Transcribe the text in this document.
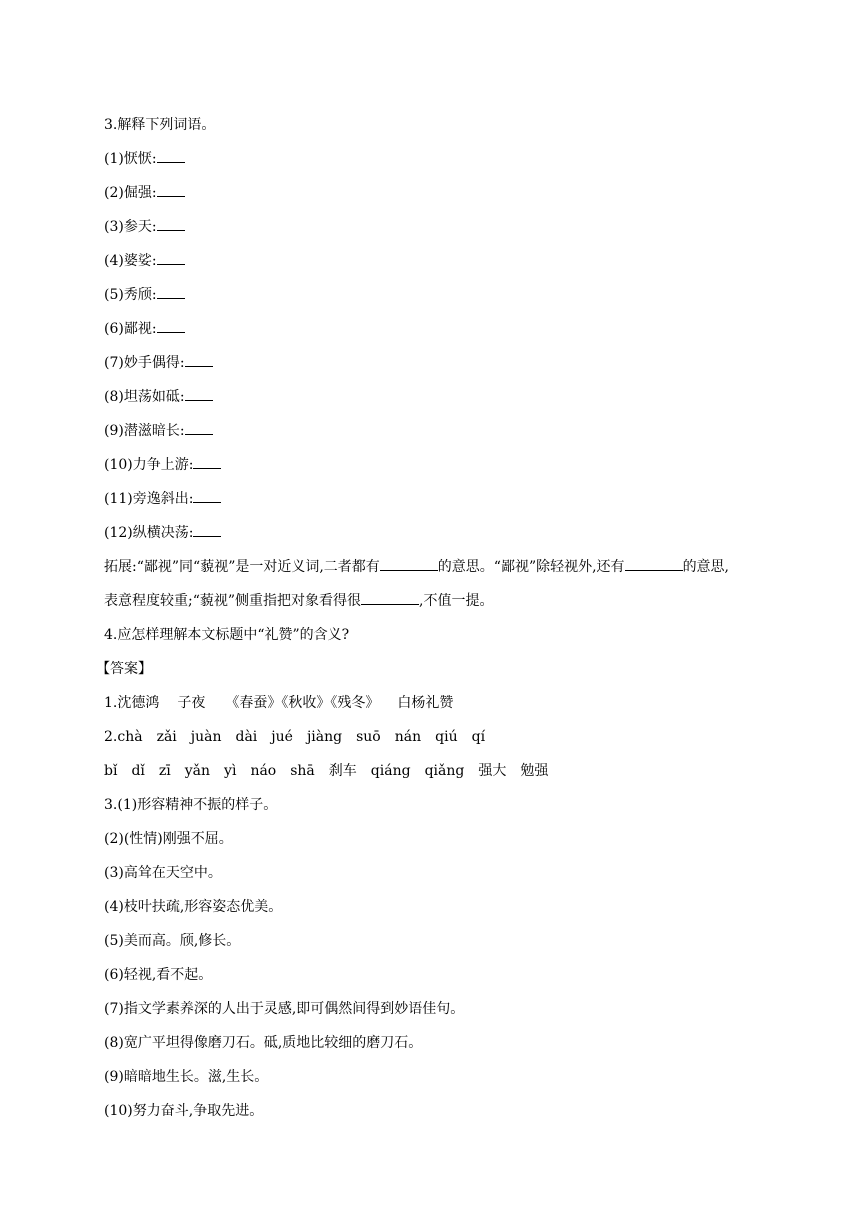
3.解释下列词语。
(1)恹恹:
(2)倔强:
(3)参天:
(4)婆娑:
(5)秀颀:
(6)鄙视:
(7)妙手偶得:
(8)坦荡如砥:
(9)潜滋暗长:
(10)力争上游:
(11)旁逸斜出:
(12)纵横决荡:
拓展:“鄙视”同“藐视”是一对近义词,二者都有	的意思。“鄙视”除轻视外,还有	的意思,
表意程度较重;“藐视”侧重指把对象看得很	,不值一提。
4.应怎样理解本文标题中“礼赞”的含义?
【答案】
1.沈德鸿 子夜 《春蚕》《秋收》《残冬》 白杨礼赞
2.chà zǎi juàn dài jué jiàng suō nán qiú qí
bǐ dǐ zī yǎn yì náo shā 刹车 qiáng qiǎng 强大 勉强
3.(1)形容精神不振的样子。
(2)(性情)刚强不屈。
(3)高耸在天空中。
(4)枝叶扶疏,形容姿态优美。
(5)美而高。颀,修长。
(6)轻视,看不起。
(7)指文学素养深的人出于灵感,即可偶然间得到妙语佳句。
(8)宽广平坦得像磨刀石。砥,质地比较细的磨刀石。
(9)暗暗地生长。滋,生长。
(10)努力奋斗,争取先进。
